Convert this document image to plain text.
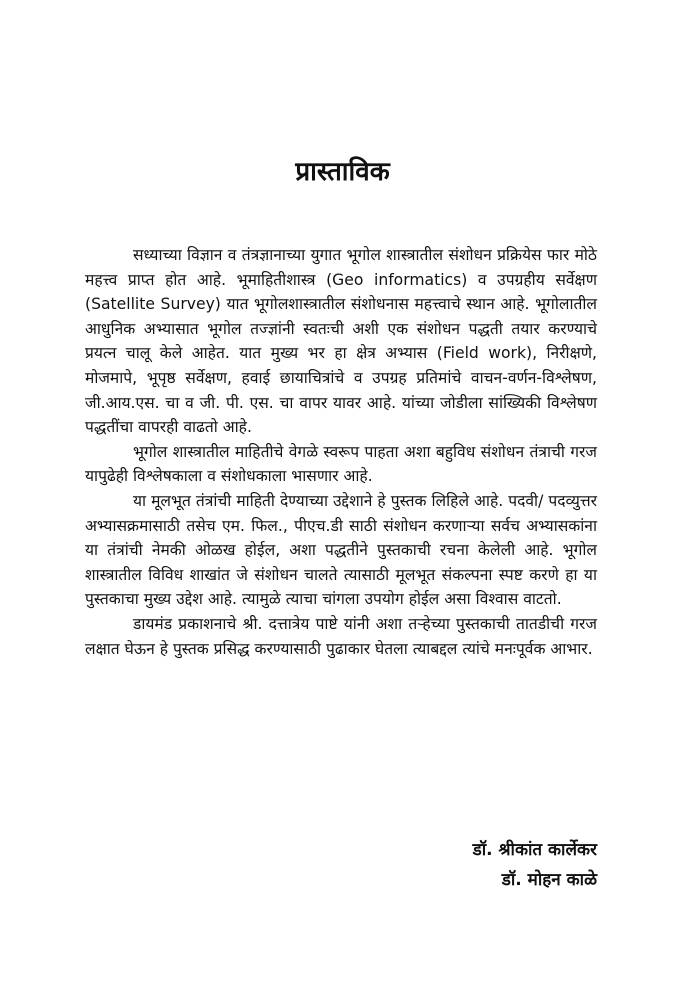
प्रास्ताविक

सध्याच्या विज्ञान व तंत्रज्ञानाच्या युगात भूगोल शास्त्रातील संशोधन प्रक्रियेस फार मोठे महत्त्व प्राप्त होत आहे. भूमाहितीशास्त्र (Geo informatics) व उपग्रहीय सर्वेक्षण (Satellite Survey) यात भूगोलशास्त्रातील संशोधनास महत्त्वाचे स्थान आहे. भूगोलातील आधुनिक अभ्यासात भूगोल तज्ज्ञांनी स्वतःची अशी एक संशोधन पद्धती तयार करण्याचे प्रयत्न चालू केले आहेत. यात मुख्य भर हा क्षेत्र अभ्यास (Field work), निरीक्षणे, मोजमापे, भूपृष्ठ सर्वेक्षण, हवाई छायाचित्रांचे व उपग्रह प्रतिमांचे वाचन-वर्णन-विश्लेषण, जी.आय.एस. चा व जी. पी. एस. चा वापर यावर आहे. यांच्या जोडीला सांख्यिकी विश्लेषण पद्धतींचा वापरही वाढतो आहे.

भूगोल शास्त्रातील माहितीचे वेगळे स्वरूप पाहता अशा बहुविध संशोधन तंत्राची गरज यापुढेही विश्लेषकाला व संशोधकाला भासणार आहे.

या मूलभूत तंत्रांची माहिती देण्याच्या उद्देशाने हे पुस्तक लिहिले आहे. पदवी/ पदव्युत्तर अभ्यासक्रमासाठी तसेच एम. फिल., पीएच.डी साठी संशोधन करणाऱ्या सर्वच अभ्यासकांना या तंत्रांची नेमकी ओळख होईल, अशा पद्धतीने पुस्तकाची रचना केलेली आहे. भूगोल शास्त्रातील विविध शाखांत जे संशोधन चालते त्यासाठी मूलभूत संकल्पना स्पष्ट करणे हा या पुस्तकाचा मुख्य उद्देश आहे. त्यामुळे त्याचा चांगला उपयोग होईल असा विश्वास वाटतो.

डायमंड प्रकाशनाचे श्री. दत्तात्रेय पाष्टे यांनी अशा तऱ्हेच्या पुस्तकाची तातडीची गरज लक्षात घेऊन हे पुस्तक प्रसिद्ध करण्यासाठी पुढाकार घेतला त्याबद्दल त्यांचे मनःपूर्वक आभार.

डॉ. श्रीकांत कार्लेकर
डॉ. मोहन काळे
